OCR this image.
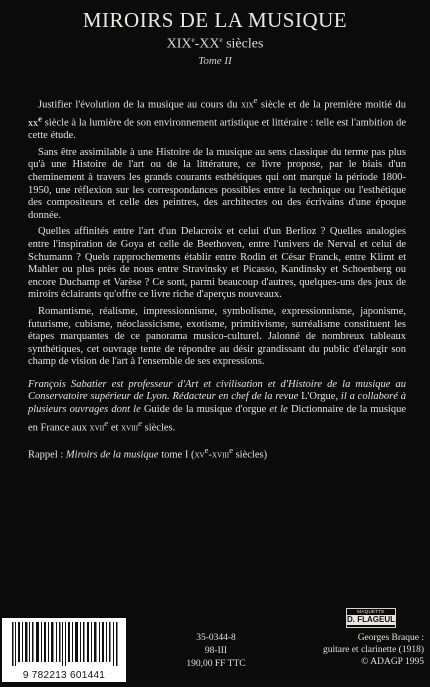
MIROIRS DE LA MUSIQUE
XIXe-XXe siècles
Tome II

Justifier l'évolution de la musique au cours du xix$^e$ siècle et de la première moitié du $xx^e$ siècle à la lumière de son environnement artistique et littéraire : telle est l'ambition de cette étude.

Sans être assimilable à une Histoire de la musique au sens classique du terme pas plus qu'à une Histoire de l'art ou de la littérature, ce livre propose, par le biais d'un cheminement à travers les grands courants esthétiques qui ont marqué la période 1800-1950, une réflexion sur les correspondances possibles entre la technique ou l'esthétique des compositeurs et celle des peintres, des architectes ou des écrivains d'une époque donnée.

Quelles affinités entre l'art d'un Delacroix et celui d'un Berlioz ? Quelles analogies entre l'inspiration de Goya et celle de Beethoven, entre l'univers de Nerval et celui de Schumann ? Quels rapprochements établir entre Rodin et César Franck, entre Klimt et Mahler ou plus près de nous entre Stravinsky et Picasso, Kandinsky et Schoenberg ou encore Duchamp et Varèse ? Ce sont, parmi beaucoup d'autres, quelques-uns des jeux de miroirs éclairants qu'offre ce livre riche d'aperçus nouveaux.

Romantisme, réalisme, impressionnisme, symbolisme, expressionnisme, japonisme, futurisme, cubisme, néoclassicisme, exotisme, primitivisme, surréalisme constituent les étapes marquantes de ce panorama musico-culturel. Jalonné de nombreux tableaux synthétiques, cet ouvrage tente de répondre au désir grandissant du public d'élargir son champ de vision de l'art à l'ensemble de ses expressions.

François Sabatier est professeur d'Art et civilisation et d'Histoire de la musique au Conservatoire supérieur de Lyon. Rédacteur en chef de la revue L'Orgue, il a collaboré à plusieurs ouvrages dont le Guide de la musique d'orgue et le Dictionnaire de la musique en France aux xvii$^e$ et xviii$^e$ siècles.

Rappel : Miroirs de la musique tome I ($xv^e-xviii^e$ siècles)

9 782213 601441
35-0344-8
98-III
190,00 FF TTC
MAQUETTE
D. FLAGEUL
Georges Braque :
guitare et clarinette (1918)
© ADAGP 1995
